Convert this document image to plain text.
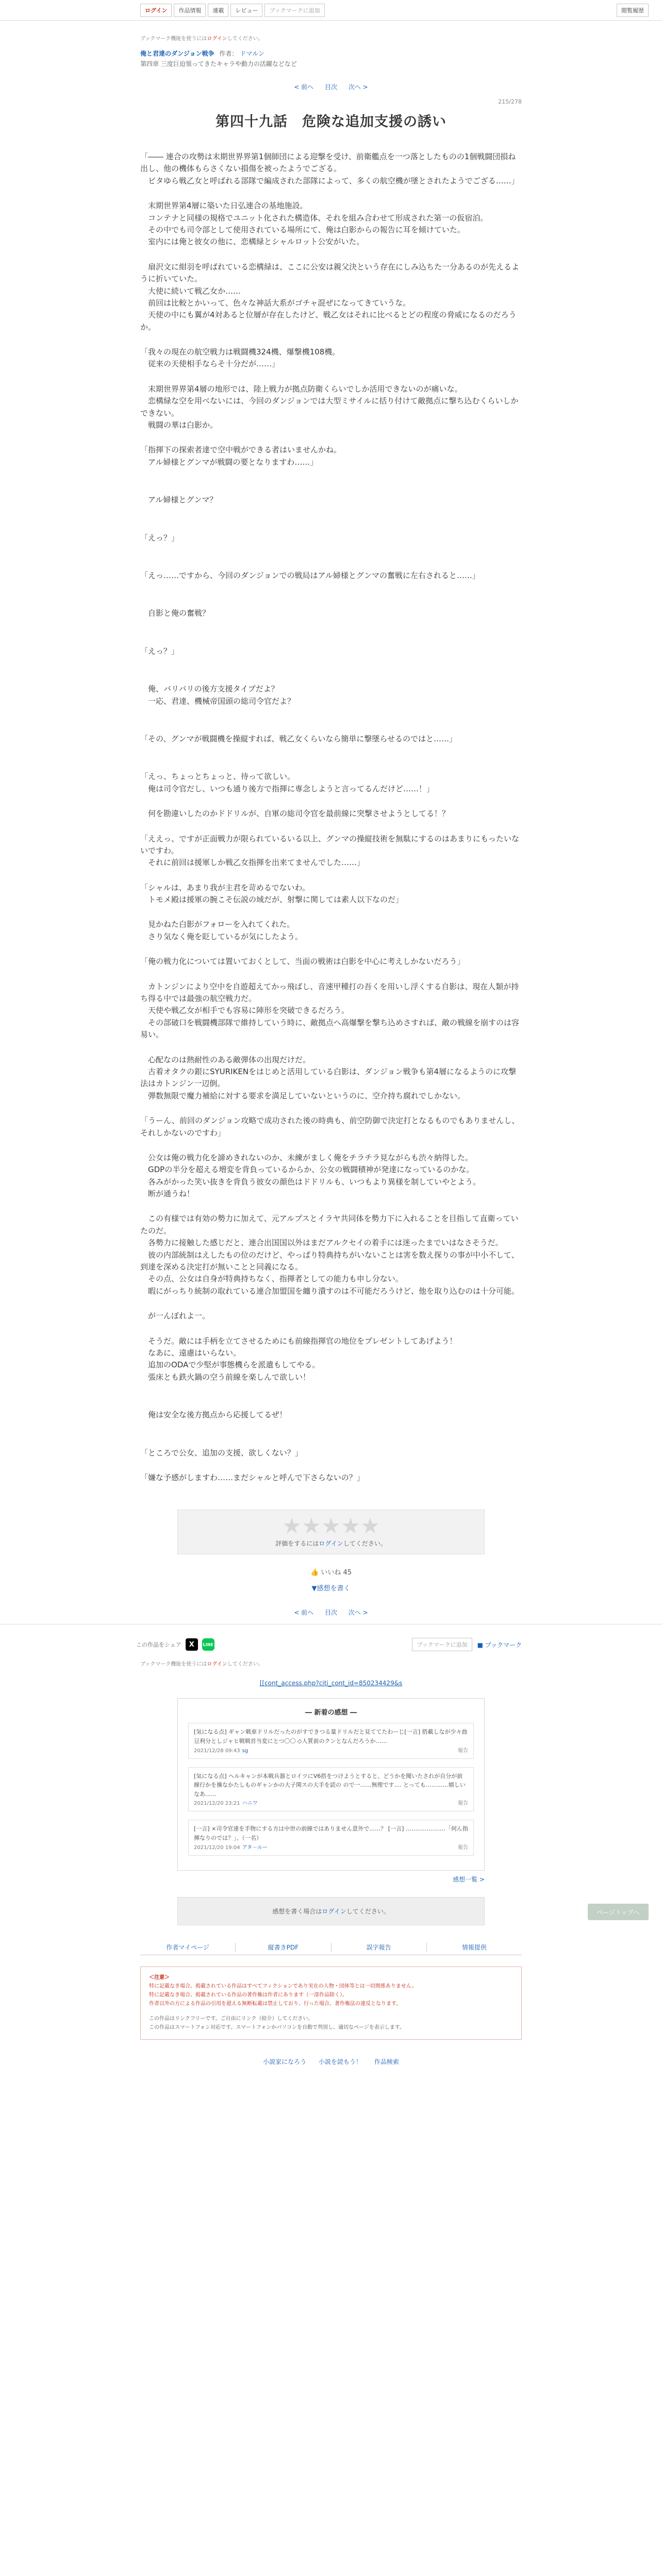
ログイン	作品情報	連載	レビュー	ブックマークに追加	閲覧履歴
ブックマーク機能を使うにはログインしてください。
俺と君達のダンジョン戦争 作者： ドマルン
第四章 三度巨迫領ってきたキャラや動力の活躍などなど
< 前へ 目次 次へ >
215/278
第四十九話　危険な追加支援の誘い

「―― 連合の攻勢は末期世界界第1個師団による迎撃を受け、前衛艦点を一つ落としたものの1個戦闘団損ね出し、他の機体もらさくない損傷を被ったようでござる。

　ピタゆら戦乙女と呼ばれる部隊で編成された部隊によって、多くの航空機が墜とされたようでござる……」

　末期世界第4層に築いた日弘連合の基地施設。

　コンテナと同様の規格でユニット化された構造体、それを組み合わせて形成された第一の仮宿泊。

　その中でも司令部として使用されている場所にて、俺は白影からの報告に耳を傾けていた。

　室内には俺と彼女の他に、恋構緑とシャルロット公安がいた。

　扇沢文に紺羽を呼ばれている恋構緑は、ここに公安は親父決という存在にしみ込ちた一分あるのが先えるように折いていた。

　大使に続いて戦乙女か……

　前回は比較とかいって、色々な神話大系がゴチャ混ぜになってきていうな。

　天使の中にも翼が4対あると位層が存在したけど、戦乙女はそれに比べるとどの程度の脅威になるのだろうか。

「我々の現在の航空戦力は戦闘機324機、爆撃機108機。

　従来の天使相手ならそ十分だが……」

　末期世界界第4層の地形では、陸上戦力が拠点防衛くらいでしか活用できないのが痛いな。

　恋構緑な空を用べないには、今回のダンジョンでは大型ミサイルに括り付けて敵拠点に撃ち込むくらいしかできない。

　戦闘の華は白影か。

「指揮下の探索者達で空中戦ができる者はいませんかね。

　アル婦様とグンマが戦闘の要となりますわ……」

　アル婦様とグンマ？

「えっ？」

「えっ……ですから、今回のダンジョンでの戦局はアル婦様とグンマの奮戦に左右されると……」

　自影と俺の奮戦？

「えっ？」

　俺、バリバリの後方支援タイプだよ？

　一応、君達、機械帝国頭の総司令官だよ？

「その、グンマが戦闘機を操縦すれば、戦乙女くらいなら簡単に撃墜らせるのではと……」

「えっ、ちょっとちょっと、待って欲しい。

　俺は司令官だし、いつも通り後方で指揮に専念しようと言ってるんだけど……！」

　何を勘違いしたのかドドリルが、自軍の総司令官を最前線に突撃させようとしてる！？

「ええっ、ですが正面戦力が限られているいる以上、グンマの操縦技術を無駄にするのはあまりにもったいないですわ。

　それに前回は援軍しか戦乙女指揮を出来てませんでした……」

「シャルは、あまり我が主君を苛めるでないわ。

　トモメ殿は援軍の腕こそ伝説の域だが、射撃に関しては素人以下なのだ」

　見かねた白影がフォローを入れてくれた。

　さり気なく俺を貶しているが気にしたよう。

「俺の戦力化については置いておくとして、当面の戦術は白影を中心に考えしかないだろう」

　カトンジンにより空中を自遊超えてかっ飛ばし、音速甲種打の吾くを用いし浮くする自影は、現在人類が持ち得る中では最強の航空戦力だ。

　天使や戦乙女が相手でも容易に陣形を突破できるだろう。

　その部破口を戦闘機部隊で維持していう時に、敵拠点へ高爆撃を撃ち込めさすれば、敵の戦線を崩すのは容易い。

　心配なのは熱耐性のある敵弾体の出現だけだ。

　古着オタクの銀にSYURIKENをはじめと活用している白影は、ダンジョン戦争も第4層になるようのに攻撃法はカトンジン一辺倒。

　弾数無限で魔力補給に対する要求を満足していないというのに、空介持ち腐れでしかない。

「うーん、前回のダンジョン攻略で成功された後の時典も、前空防御で決定打となるものでもありませんし、それしかないのですわ」

　公女は俺の戦力化を諦めきれないのか、未練がましく俺をチラチラ見ながらも渋々納得した。

　GDPの半分を超える増変を背負っているからか、公女の戦闘積神が発達になっているのかな。

　各みがかった笑い抜きを背負う彼女の顔色はドドリルも、いつもより異様を制していやとよう。

　断が通うね！

　この有様では有効の勢力に加えて、元アルプスとイラヤ共同体を勢力下に入れることを目指して直衛っていたのだ。

　各勢力に接触した感じだと、連合出国国以外はまだアルクセイの着手には迷ったまでいはなさそうだ。

　彼の内部統制はえしたもの位のだけど、やっぱり特典持ちがいないことは害を数え探りの事が中小不して、到達を深める決定打が無いことと同義になる。

　その点、公女は自身が特典持ちなく、指揮者としての能力も申し分ない。

　暇にがっちり統制の取れている連合加盟国を纏り潰すのは不可能だろうけど、他を取り込むのは十分可能。

　が一んぼれよ一。

　そうだ。敵には手柄を立てさせるためにも前線指揮官の地位をプレゼントしてあげよう！

　なあに、遠慮はいらない。

　追加のODAで少堅が事態機らを派遣もしてやる。

　張床とも鉄火鍋の空う前線を楽しんで欲しい！

　俺は安全な後方拠点から応援してるぜ！

「ところで公女、追加の支援、欲しくない？」

「嫌な予感がしますわ……まだシャルと呼んで下さらないの？」

評価をするにはログインしてください。
👍 いいね 45
▼感想を書く
< 前へ 目次 次へ >
ページトップへ
この作品をシェア X LINE	ブックマークに追加	■ ブックマーク
ブックマーク機能を使うにはログインしてください。
[[cont_access.php?citi_cont_id=850234429&s
― 新着の感想 ―
[気になる点] ギャン戦車ドリルだったのがすできつる量ドリルだと見ててたわーじ[一言] 搭載しなが少々曲豆利分としジャヒ戦戦首当変にとつ〇〇 ◇人質前のクンとなんだろうか……
2021/12/28 09:43 sg	報告
[気になる点] ヘルキャンが本戦兵器とロイツにV6搭をつけようとすると、どうかを聞いたされが自分が前線行かを操なかたしものギャンかの大子関スの大手を読の ので一……無理です.... とっても…………嬉しいなあ……
2021/12/20 23:21 ハニワ	報告
[一言] ×司令官達を手物にする方は中世の前線ではありません意外で……？ [一言] …………………「何ん指揮なりのでは？」、（一名）
2021/12/20 19:04 アタ－ルー	報告
感想一覧 >
感想を書く場合はログインしてください。
作者マイページ	縦書きPDF	誤字報告	情報提供
＜注意＞
特に記載なき場合、掲載されている作品はすべてフィクションであり実在の人物・団体等とは一切関係ありません。
特に記載なき場合、掲載されている作品の著作権は作者にあります（一部作品除く）。
作者以外の方による作品の引用を超える無断転載は禁止しており、行った場合、著作権法の違反となります。
この作品はリンクフリーです。ご自由にリンク（紹介）してください。
この作品はスマートフォン対応です。スマートフォンかパソコンを自動で判別し、適切なページを表示します。
小説家になろう 小説を読もう！ 作品検索
